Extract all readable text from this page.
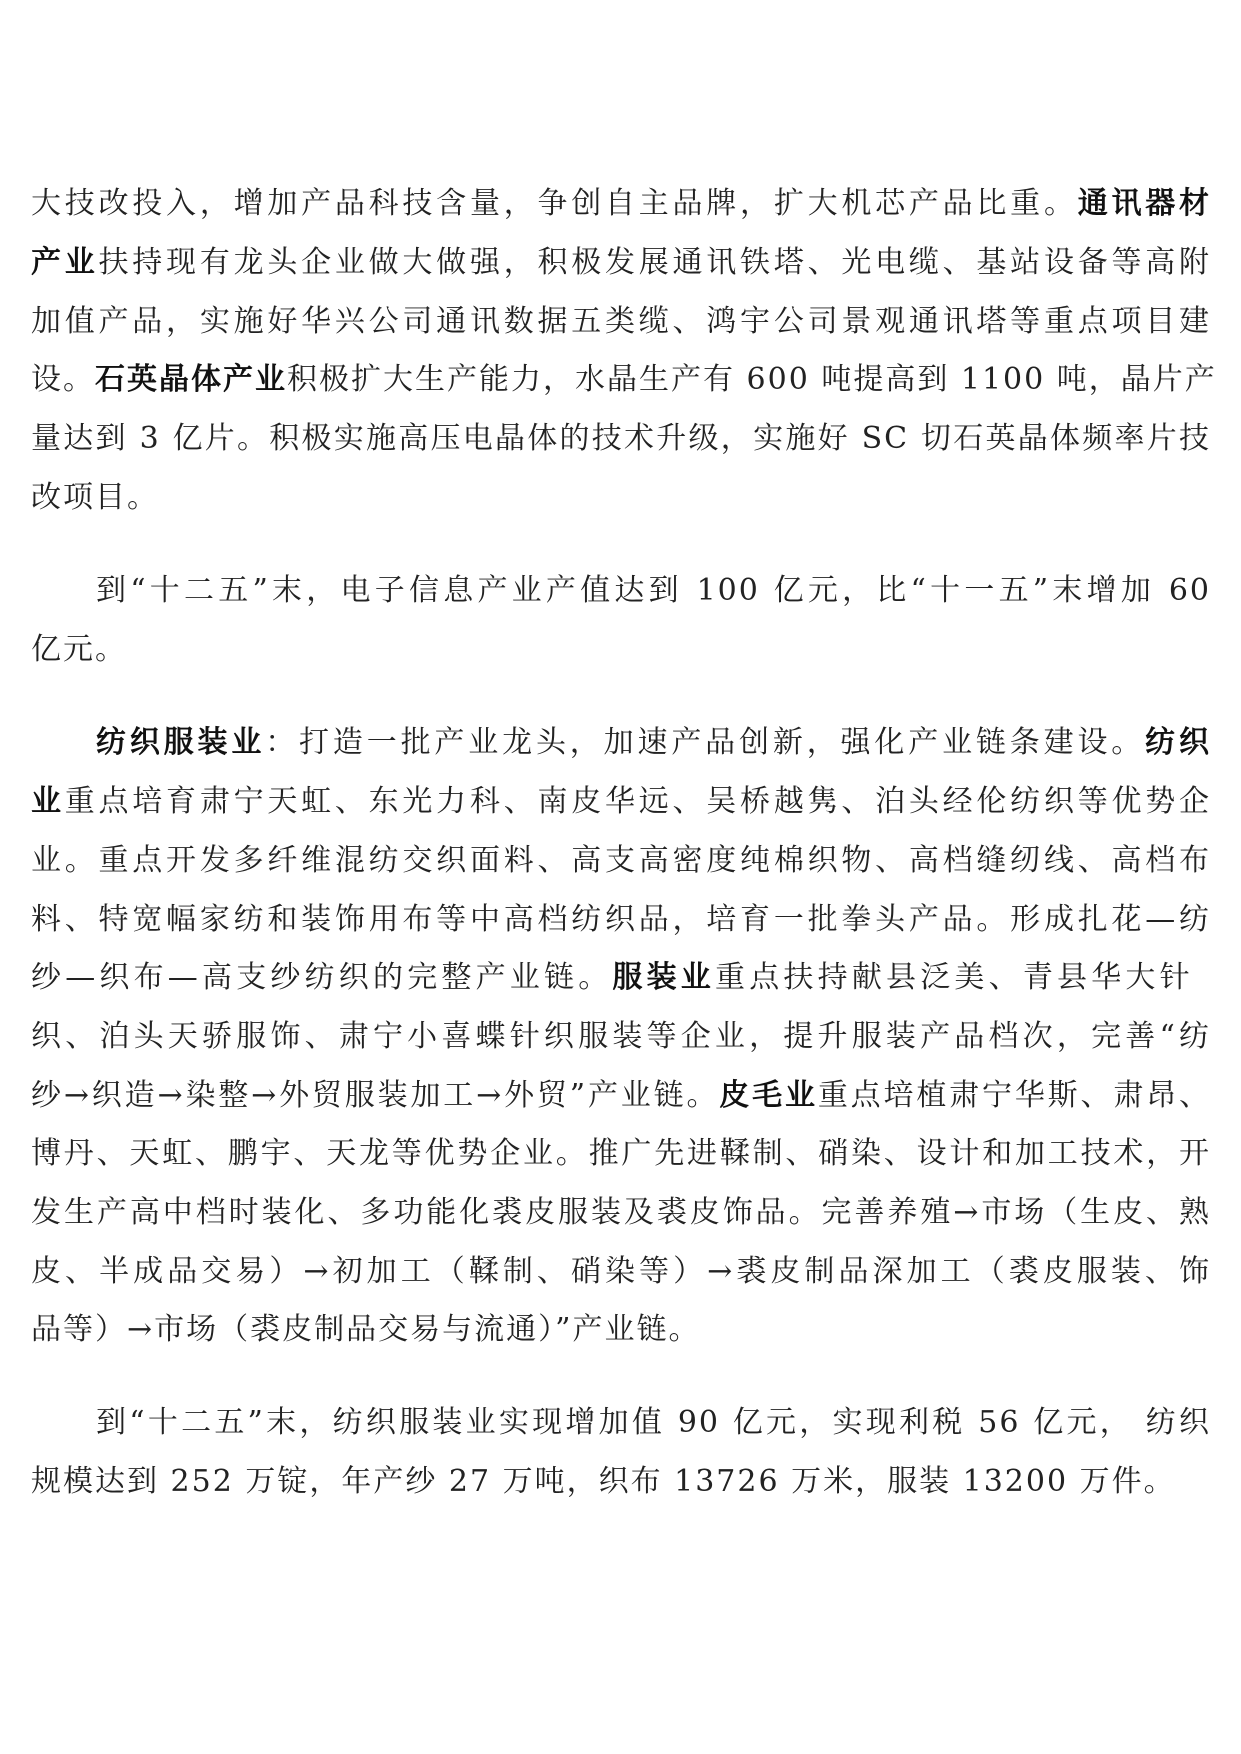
大技改投入，增加产品科技含量，争创自主品牌，扩大机芯产品比重。通讯器材
产业扶持现有龙头企业做大做强，积极发展通讯铁塔、光电缆、基站设备等高附
加值产品，实施好华兴公司通讯数据五类缆、鸿宇公司景观通讯塔等重点项目建
设。石英晶体产业积极扩大生产能力，水晶生产有 600 吨提高到 1100 吨，晶片产
量达到 3 亿片。积极实施高压电晶体的技术升级，实施好 SC 切石英晶体频率片技
改项目。
到“十二五”末，电子信息产业产值达到 100 亿元，比“十一五”末增加 60
亿元。
纺织服装业：打造一批产业龙头，加速产品创新，强化产业链条建设。纺织
业重点培育肃宁天虹、东光力科、南皮华远、吴桥越隽、泊头经伦纺织等优势企
业。重点开发多纤维混纺交织面料、高支高密度纯棉织物、高档缝纫线、高档布
料、特宽幅家纺和装饰用布等中高档纺织品，培育一批拳头产品。形成扎花—纺
纱—织布—高支纱纺织的完整产业链。服装业重点扶持献县泛美、青县华大针
织、泊头天骄服饰、肃宁小喜蝶针织服装等企业，提升服装产品档次，完善“纺
纱→织造→染整→外贸服装加工→外贸”产业链。皮毛业重点培植肃宁华斯、肃昂、
博丹、天虹、鹏宇、天龙等优势企业。推广先进鞣制、硝染、设计和加工技术，开
发生产高中档时装化、多功能化裘皮服装及裘皮饰品。完善养殖→市场（生皮、熟
皮、半成品交易）→初加工（鞣制、硝染等）→裘皮制品深加工（裘皮服装、饰
品等）→市场（裘皮制品交易与流通）”产业链。
到“十二五”末，纺织服装业实现增加值 90 亿元，实现利税 56 亿元， 纺织
规模达到 252 万锭，年产纱 27 万吨，织布 13726 万米，服装 13200 万件。
